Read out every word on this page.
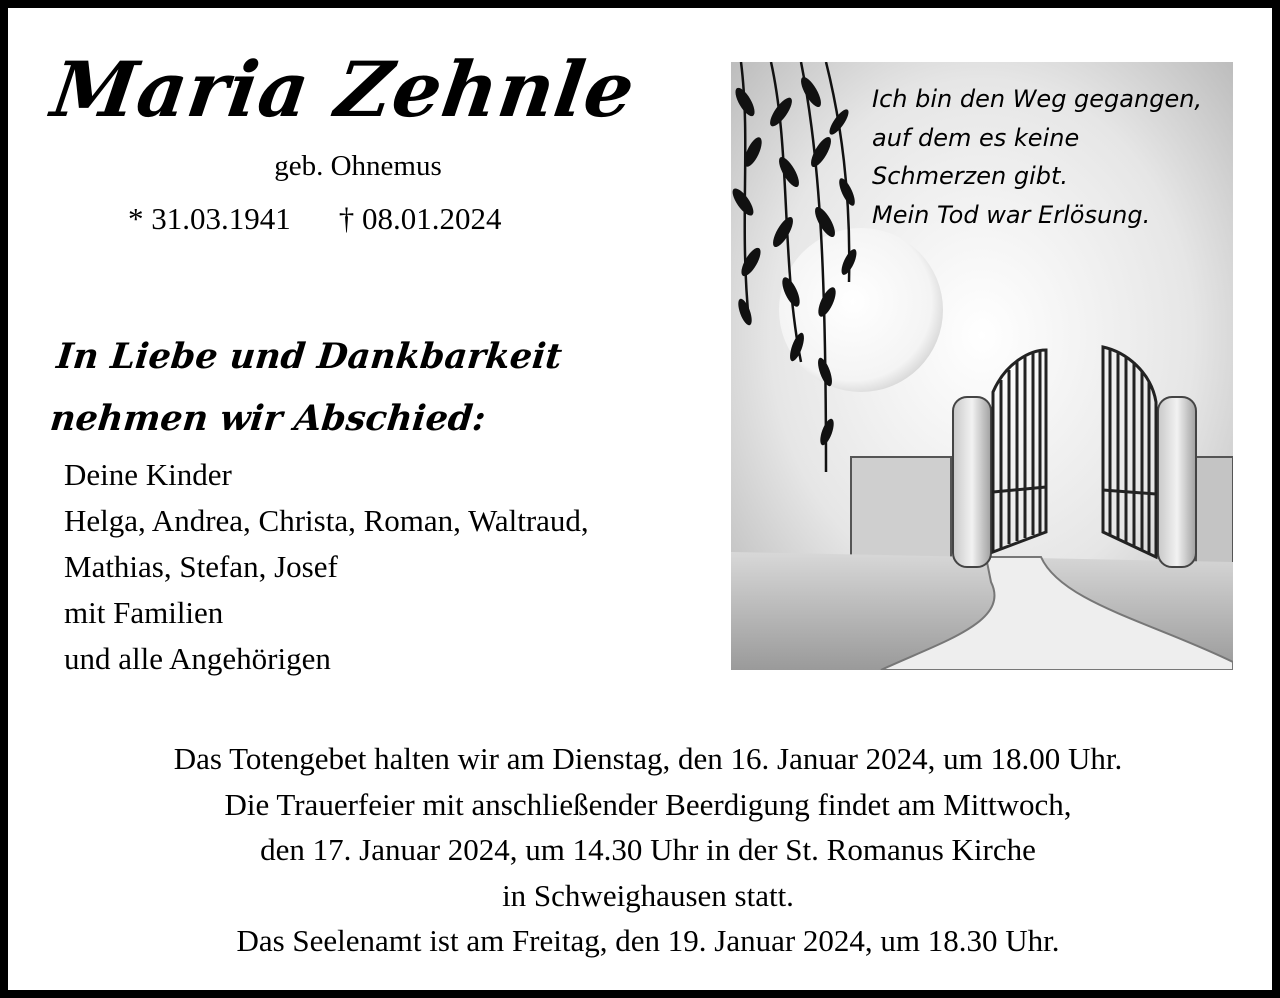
Maria Zehnle
geb. Ohnemus
* 31.03.1941 † 08.01.2024
In Liebe und Dankbarkeit
nehmen wir Abschied:
Deine Kinder
Helga, Andrea, Christa, Roman, Waltraud,
Mathias, Stefan, Josef
mit Familien
und alle Angehörigen
Ich bin den Weg gegangen,
auf dem es keine
Schmerzen gibt.
Mein Tod war Erlösung.
Das Totengebet halten wir am Dienstag, den 16. Januar 2024, um 18.00 Uhr.
Die Trauerfeier mit anschließender Beerdigung findet am Mittwoch,
den 17. Januar 2024, um 14.30 Uhr in der St. Romanus Kirche
in Schweighausen statt.
Das Seelenamt ist am Freitag, den 19. Januar 2024, um 18.30 Uhr.
